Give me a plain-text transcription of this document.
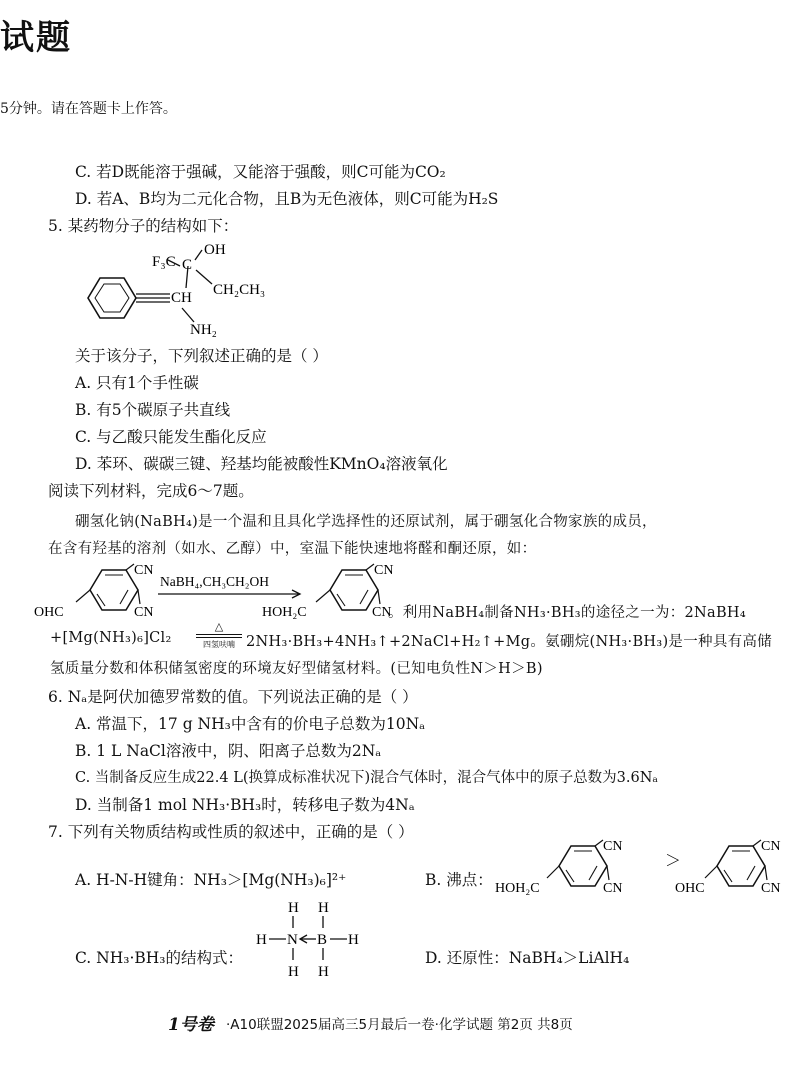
试题
5分钟。请在答题卡上作答。
C. 若D既能溶于强碱，又能溶于强酸，则C可能为CO₂
D. 若A、B均为二元化合物，且B为无色液体，则C可能为H₂S
5. 某药物分子的结构如下：
F₃C
OH
C
CH CH₂CH₃
NH₂
关于该分子，下列叙述正确的是（ ）
A. 只有1个手性碳
B. 有5个碳原子共直线
C. 与乙酸只能发生酯化反应
D. 苯环、碳碳三键、羟基均能被酸性KMnO₄溶液氧化
阅读下列材料，完成6～7题。
硼氢化钠(NaBH₄)是一个温和且具化学选择性的还原试剂，属于硼氢化合物家族的成员，
在含有羟基的溶剂（如水、乙醇）中，室温下能快速地将醛和酮还原，如：
CN
CN
OHC
NaBH₄,CH₃CH₂OH
CN
CN
HOH₂C	。利用NaBH₄制备NH₃·BH₃的途径之一为：2NaBH₄
+[Mg(NH₃)₆]Cl₂
△
四氢呋喃 2NH₃·BH₃+4NH₃↑+2NaCl+H₂↑+Mg。氨硼烷(NH₃·BH₃)是一种具有高储
氢质量分数和体积储氢密度的环境友好型储氢材料。(已知电负性N＞H＞B)
6. Nₐ是阿伏加德罗常数的值。下列说法正确的是（ ）
A. 常温下，17 g NH₃中含有的价电子总数为10Nₐ
B. 1 L NaCl溶液中，阴、阳离子总数为2Nₐ
C. 当制备反应生成22.4 L(换算成标准状况下)混合气体时，混合气体中的原子总数为3.6Nₐ
D. 当制备1 mol NH₃·BH₃时，转移电子数为4Nₐ
7. 下列有关物质结构或性质的叙述中，正确的是（ ）
A. H-N-H键角：NH₃＞[Mg(NH₃)₆]²⁺	B. 沸点：
CN
CN
HOH₂C
＞
CN
CN
OHC
C. NH₃·BH₃的结构式：
H H
H N B H
H H
D. 还原性：NaBH₄＞LiAlH₄
1号卷 ·A10联盟2025届高三5月最后一卷·化学试题 第2页 共8页
